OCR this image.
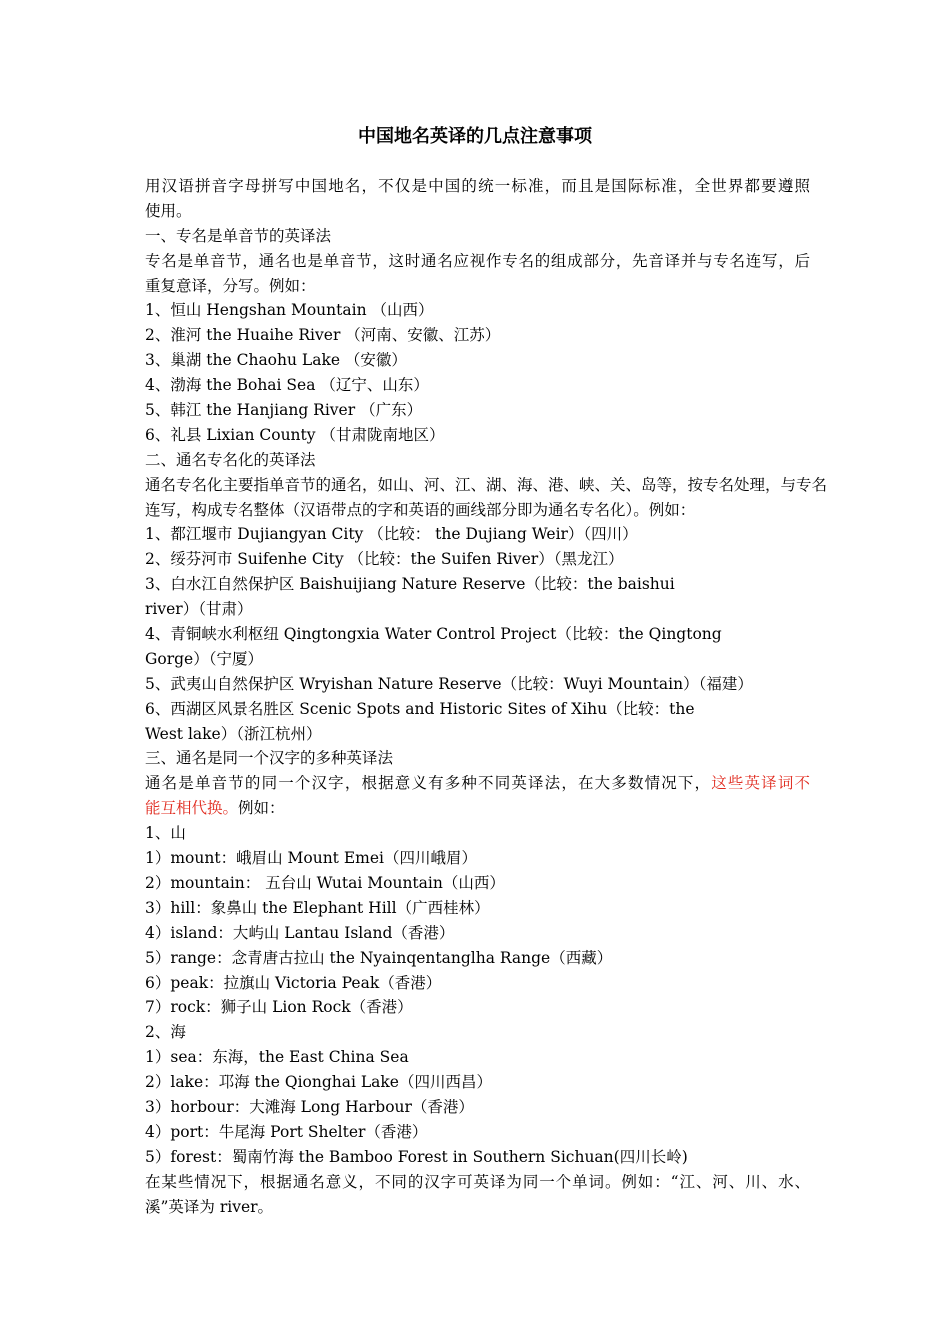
中国地名英译的几点注意事项
用汉语拼音字母拼写中国地名，不仅是中国的统一标准，而且是国际标准，全世界都要遵照
使用。
一、专名是单音节的英译法
专名是单音节，通名也是单音节，这时通名应视作专名的组成部分，先音译并与专名连写，后
重复意译，分写。例如：
1、恒山 Hengshan Mountain （山西）
2、淮河 the Huaihe River （河南、安徽、江苏）
3、巢湖 the Chaohu Lake （安徽）
4、渤海 the Bohai Sea （辽宁、山东）
5、韩江 the Hanjiang River （广东）
6、礼县 Lixian County （甘肃陇南地区）
二、通名专名化的英译法
通名专名化主要指单音节的通名，如山、河、江、湖、海、港、峡、关、岛等，按专名处理，与专名
连写，构成专名整体（汉语带点的字和英语的画线部分即为通名专名化）。例如：
1、都江堰市 Dujiangyan City （比较： the Dujiang Weir）（四川）
2、绥芬河市 Suifenhe City （比较：the Suifen River）（黑龙江）
3、白水江自然保护区 Baishuijiang Nature Reserve（比较：the baishui
river）（甘肃）
4、青铜峡水利枢纽 Qingtongxia Water Control Project（比较：the Qingtong
Gorge）（宁厦）
5、武夷山自然保护区 Wryishan Nature Reserve（比较：Wuyi Mountain）（福建）
6、西湖区风景名胜区 Scenic Spots and Historic Sites of Xihu（比较：the
West lake）（浙江杭州）
三、通名是同一个汉字的多种英译法
通名是单音节的同一个汉字，根据意义有多种不同英译法，在大多数情况下，这些英译词不
能互相代换。例如：
1、山
1）mount：峨眉山 Mount Emei（四川峨眉）
2）mountain： 五台山 Wutai Mountain（山西）
3）hill：象鼻山 the Elephant Hill（广西桂林）
4）island：大屿山 Lantau Island（香港）
5）range：念青唐古拉山 the Nyainqentanglha Range（西藏）
6）peak：拉旗山 Victoria Peak（香港）
7）rock：狮子山 Lion Rock（香港）
2、海
1）sea：东海，the East China Sea
2）lake：邛海 the Qionghai Lake（四川西昌）
3）horbour：大滩海 Long Harbour（香港）
4）port：牛尾海 Port Shelter（香港）
5）forest：蜀南竹海 the Bamboo Forest in Southern Sichuan(四川长岭)
在某些情况下，根据通名意义，不同的汉字可英译为同一个单词。例如：“江、河、川、水、
溪”英译为 river。
